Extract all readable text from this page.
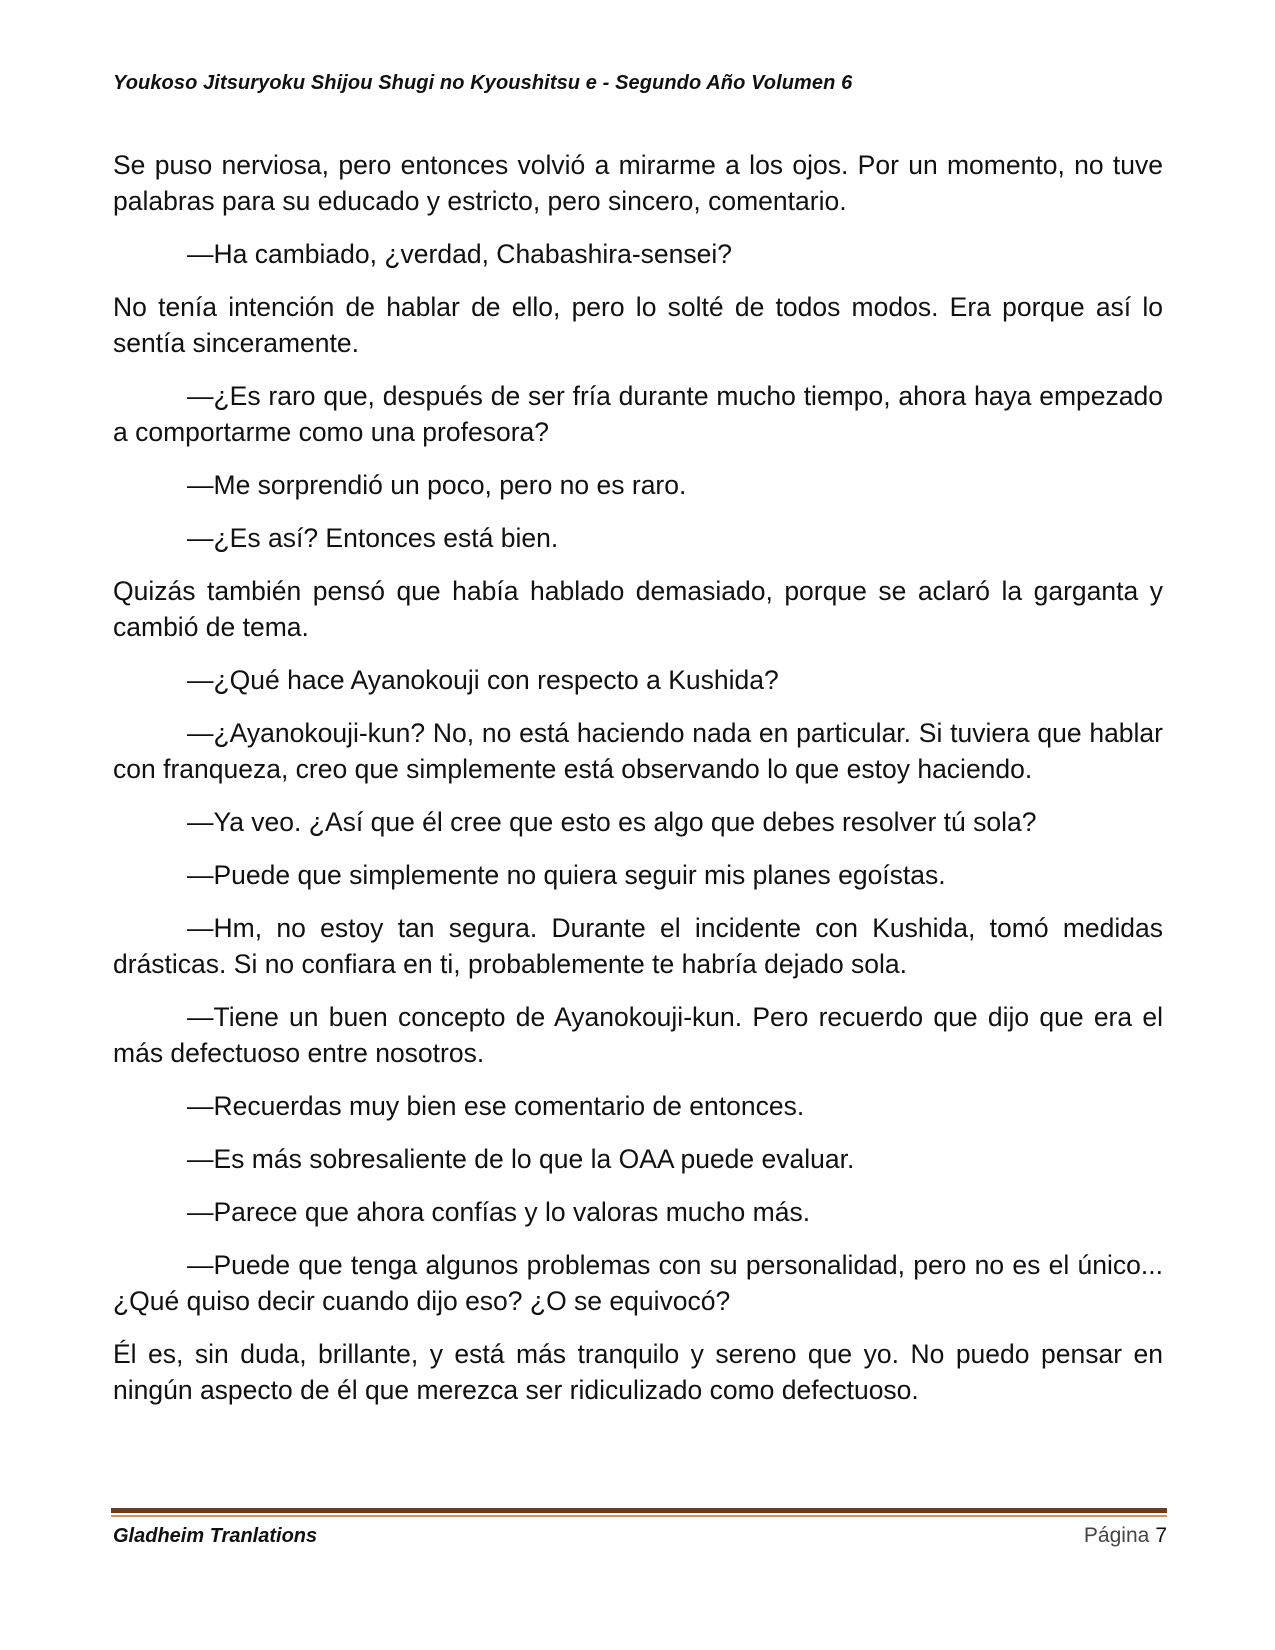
Youkoso Jitsuryoku Shijou Shugi no Kyoushitsu e - Segundo Año Volumen 6

Se puso nerviosa, pero entonces volvió a mirarme a los ojos. Por un momento, no tuve palabras para su educado y estricto, pero sincero, comentario.

—Ha cambiado, ¿verdad, Chabashira-sensei?

No tenía intención de hablar de ello, pero lo solté de todos modos. Era porque así lo sentía sinceramente.

—¿Es raro que, después de ser fría durante mucho tiempo, ahora haya empezado a comportarme como una profesora?

—Me sorprendió un poco, pero no es raro.

—¿Es así? Entonces está bien.

Quizás también pensó que había hablado demasiado, porque se aclaró la garganta y cambió de tema.

—¿Qué hace Ayanokouji con respecto a Kushida?

—¿Ayanokouji-kun? No, no está haciendo nada en particular. Si tuviera que hablar con franqueza, creo que simplemente está observando lo que estoy haciendo.

—Ya veo. ¿Así que él cree que esto es algo que debes resolver tú sola?

—Puede que simplemente no quiera seguir mis planes egoístas.

—Hm, no estoy tan segura. Durante el incidente con Kushida, tomó medidas drásticas. Si no confiara en ti, probablemente te habría dejado sola.

—Tiene un buen concepto de Ayanokouji-kun. Pero recuerdo que dijo que era el más defectuoso entre nosotros.

—Recuerdas muy bien ese comentario de entonces.

—Es más sobresaliente de lo que la OAA puede evaluar.

—Parece que ahora confías y lo valoras mucho más.

—Puede que tenga algunos problemas con su personalidad, pero no es el único... ¿Qué quiso decir cuando dijo eso? ¿O se equivocó?

Él es, sin duda, brillante, y está más tranquilo y sereno que yo. No puedo pensar en ningún aspecto de él que merezca ser ridiculizado como defectuoso.

Gladheim Tranlations	Página 7
